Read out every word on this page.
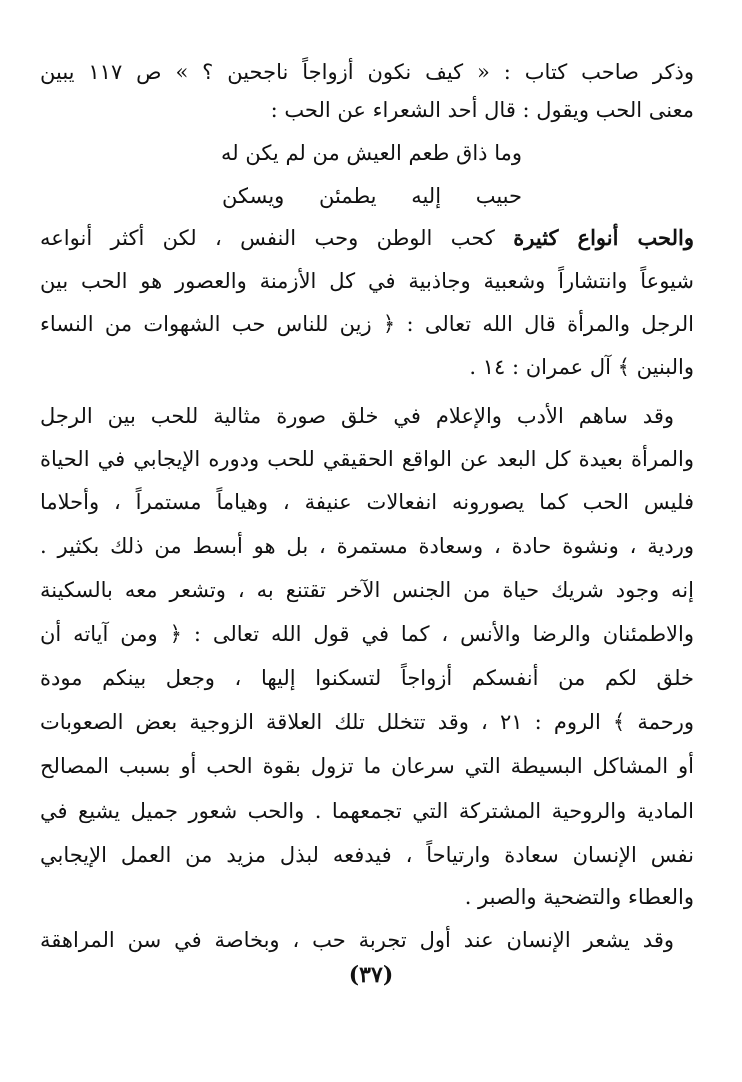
وذكر صاحب كتاب : « كيف نكون أزواجاً ناجحين ؟ » ص ١١٧ يبين
معنى الحب ويقول : قال أحد الشعراء عن الحب :
وما ذاق طعم العيش من لم يكن له
حبيب إليه يطمئن ويسكن
والحب أنواع كثيرة كحب الوطن وحب النفس ، لكن أكثر أنواعه
شيوعاً وانتشاراً وشعبية وجاذبية في كل الأزمنة والعصور هو الحب بين
الرجل والمرأة قال الله تعالى : ﴿ زين للناس حب الشهوات من النساء
والبنين ﴾ آل عمران : ١٤ .
وقد ساهم الأدب والإعلام في خلق صورة مثالية للحب بين الرجل
والمرأة بعيدة كل البعد عن الواقع الحقيقي للحب ودوره الإيجابي في الحياة
فليس الحب كما يصورونه انفعالات عنيفة ، وهياماً مستمراً ، وأحلاما
وردية ، ونشوة حادة ، وسعادة مستمرة ، بل هو أبسط من ذلك بكثير .
إنه وجود شريك حياة من الجنس الآخر تقتنع به ، وتشعر معه بالسكينة
والاطمئنان والرضا والأنس ، كما في قول الله تعالى : ﴿ ومن آياته أن
خلق لكم من أنفسكم أزواجاً لتسكنوا إليها ، وجعل بينكم مودة
ورحمة ﴾ الروم : ٢١ ، وقد تتخلل تلك العلاقة الزوجية بعض الصعوبات
أو المشاكل البسيطة التي سرعان ما تزول بقوة الحب أو بسبب المصالح
المادية والروحية المشتركة التي تجمعهما . والحب شعور جميل يشيع في
نفس الإنسان سعادة وارتياحاً ، فيدفعه لبذل مزيد من العمل الإيجابي
والعطاء والتضحية والصبر .
وقد يشعر الإنسان عند أول تجربة حب ، وبخاصة في سن المراهقة
(٣٧)
